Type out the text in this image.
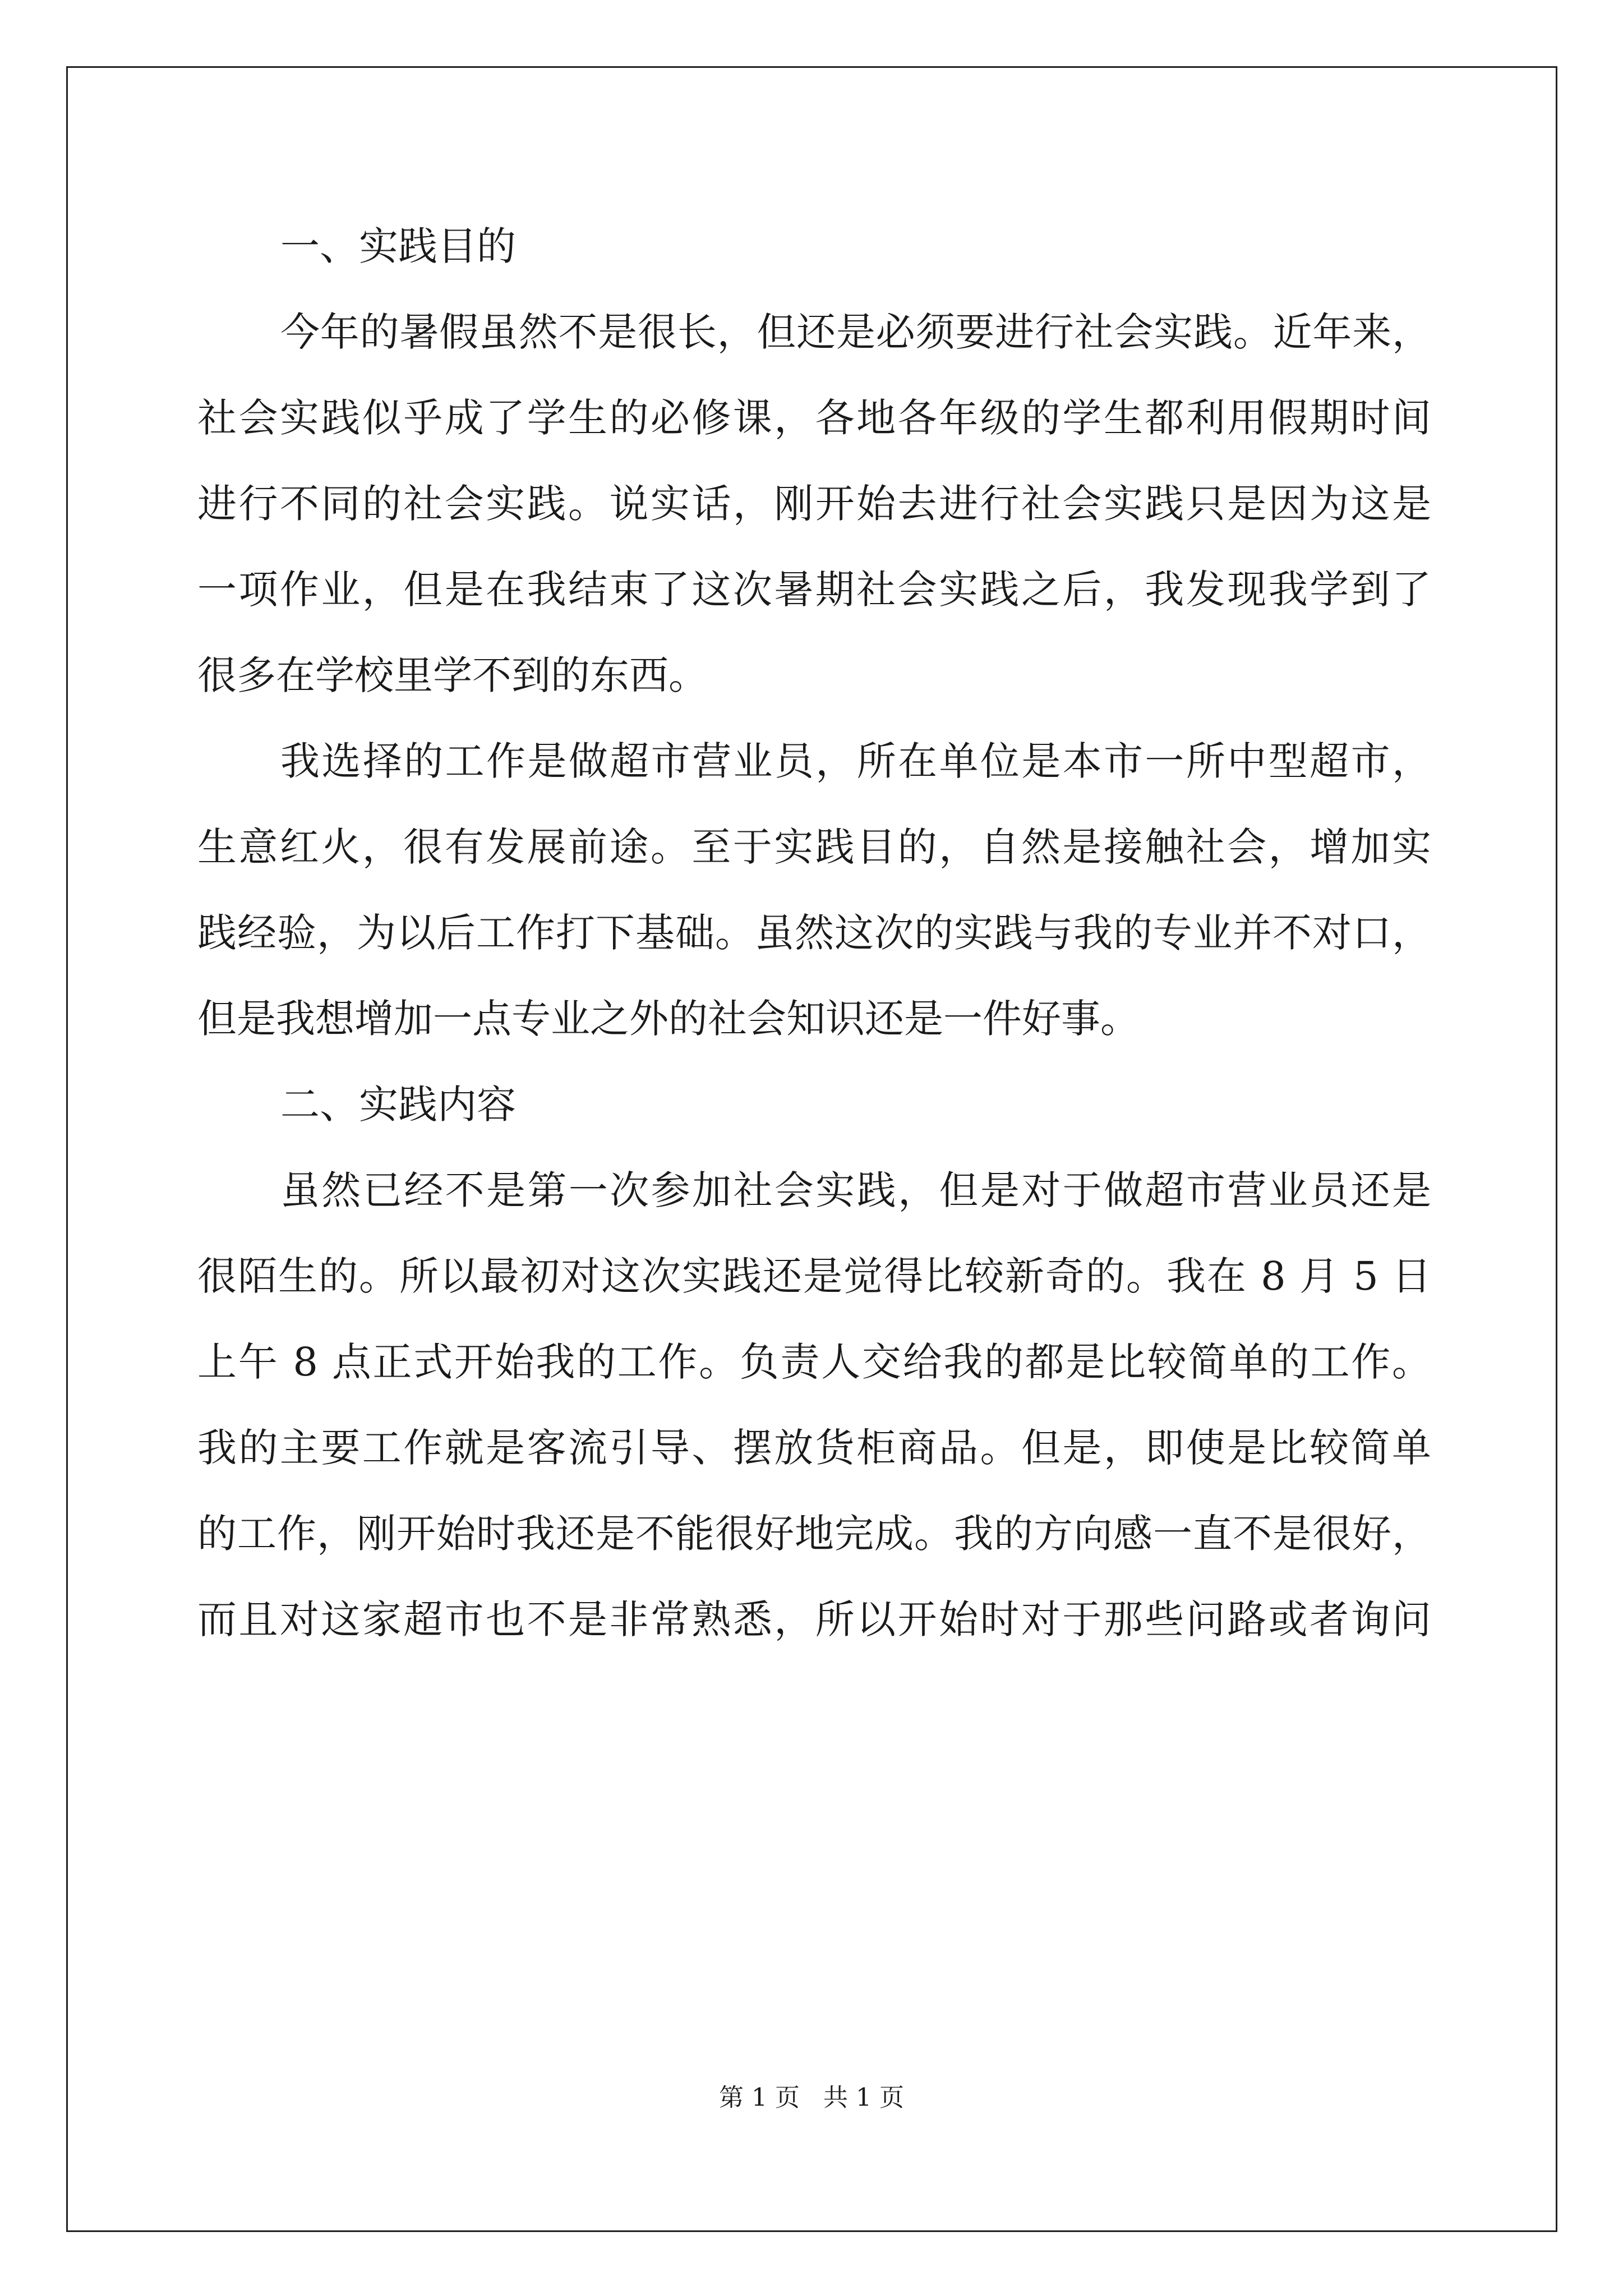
一、实践目的
今年的暑假虽然不是很长，但还是必须要进行社会实践。近年来，
社会实践似乎成了学生的必修课，各地各年级的学生都利用假期时间
进行不同的社会实践。说实话，刚开始去进行社会实践只是因为这是
一项作业，但是在我结束了这次暑期社会实践之后，我发现我学到了
很多在学校里学不到的东西。
我选择的工作是做超市营业员，所在单位是本市一所中型超市，
生意红火，很有发展前途。至于实践目的，自然是接触社会，增加实
践经验，为以后工作打下基础。虽然这次的实践与我的专业并不对口，
但是我想增加一点专业之外的社会知识还是一件好事。
二、实践内容
虽然已经不是第一次参加社会实践，但是对于做超市营业员还是
很陌生的。所以最初对这次实践还是觉得比较新奇的。我在 8 月 5 日
上午 8 点正式开始我的工作。负责人交给我的都是比较简单的工作。
我的主要工作就是客流引导、摆放货柜商品。但是，即使是比较简单
的工作，刚开始时我还是不能很好地完成。我的方向感一直不是很好，
而且对这家超市也不是非常熟悉，所以开始时对于那些问路或者询问
第 1 页 共 1 页
